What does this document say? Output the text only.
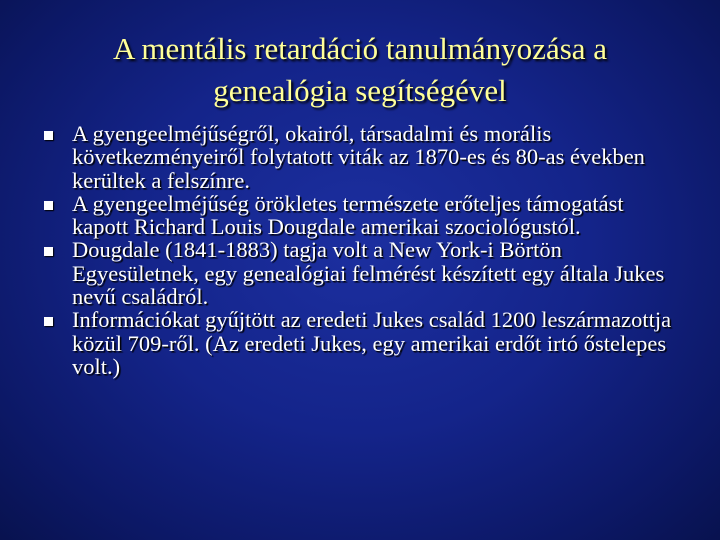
A mentális retardáció tanulmányozása a
genealógia segítségével
A gyengeelméjűségről, okairól, társadalmi és morális következményeiről folytatott viták az 1870-es és 80-as években kerültek a felszínre.
A gyengeelméjűség örökletes természete erőteljes támogatást kapott Richard Louis Dougdale amerikai szociológustól.
Dougdale (1841-1883) tagja volt a New York-i Börtön Egyesületnek, egy genealógiai felmérést készített egy általa Jukes nevű családról.
Információkat gyűjtött az eredeti Jukes család 1200 leszármazottja közül 709-ről. (Az eredeti Jukes, egy amerikai erdőt irtó őstelepes volt.)
